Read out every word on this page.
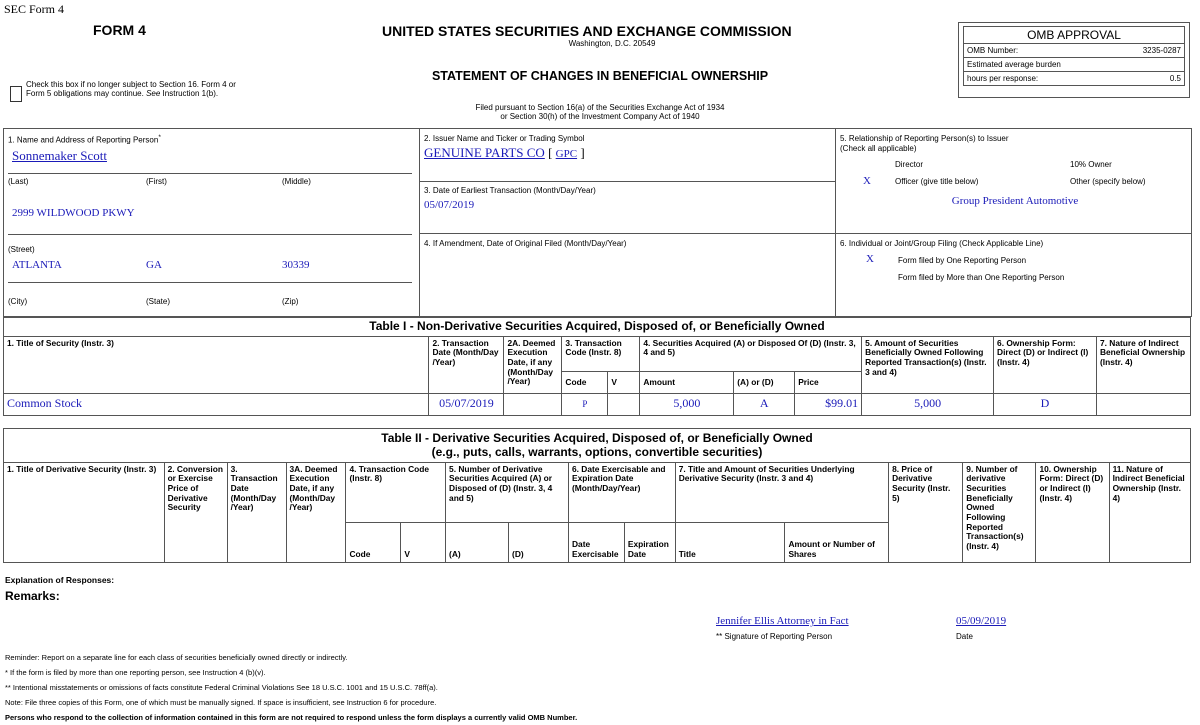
SEC Form 4
FORM 4
Check this box if no longer subject to Section 16. Form 4 or Form 5 obligations may continue. See Instruction 1(b).
UNITED STATES SECURITIES AND EXCHANGE COMMISSION
Washington, D.C. 20549
STATEMENT OF CHANGES IN BENEFICIAL OWNERSHIP
Filed pursuant to Section 16(a) of the Securities Exchange Act of 1934
or Section 30(h) of the Investment Company Act of 1940
OMB APPROVAL
OMB Number:	3235-0287
Estimated average burden
hours per response:	0.5
1. Name and Address of Reporting Person*
Sonnemaker Scott
(Last)	(First)	(Middle)
2999 WILDWOOD PKWY
(Street)
ATLANTA	GA	30339
(City)	(State)	(Zip)
2. Issuer Name and Ticker or Trading Symbol
GENUINE PARTS CO [ GPC ]
3. Date of Earliest Transaction (Month/Day/Year)
05/07/2019
4. If Amendment, Date of Original Filed (Month/Day/Year)
5. Relationship of Reporting Person(s) to Issuer
(Check all applicable)
Director	10% Owner
X	Officer (give title below)	Other (specify below)
Group President Automotive
6. Individual or Joint/Group Filing (Check Applicable Line)
X	Form filed by One Reporting Person
Form filed by More than One Reporting Person
Table I - Non-Derivative Securities Acquired, Disposed of, or Beneficially Owned										
1. Title of Security (Instr. 3)	2. Transaction Date (Month/Day /Year)	2A. Deemed Execution Date, if any (Month/Day /Year)	3. Transaction Code (Instr. 8)		4. Securities Acquired (A) or Disposed Of (D) (Instr. 3, 4 and 5)			5. Amount of Securities Beneficially Owned Following Reported Transaction(s) (Instr. 3 and 4)	6. Ownership Form: Direct (D) or Indirect (I) (Instr. 4)	7. Nature of Indirect Beneficial Ownership (Instr. 4)
			Code	V	Amount	(A) or (D)	Price			
Common Stock	05/07/2019		P		5,000	A	$99.01	5,000	D	
Table II - Derivative Securities Acquired, Disposed of, or Beneficially Owned
(e.g., puts, calls, warrants, options, convertible securities)															

1. Title of Derivative Security (Instr. 3)	2. Conversion or Exercise Price of Derivative Security	3. Transaction Date (Month/Day /Year)	3A. Deemed Execution Date, if any (Month/Day /Year)	4. Transaction Code (Instr. 8)		5. Number of Derivative Securities Acquired (A) or Disposed of (D) (Instr. 3, 4 and 5)		6. Date Exercisable and Expiration Date (Month/Day/Year)		7. Title and Amount of Securities Underlying Derivative Security (Instr. 3 and 4)		8. Price of Derivative Security (Instr. 5)	9. Number of derivative Securities Beneficially Owned Following Reported Transaction(s) (Instr. 4)	10. Ownership Form: Direct (D) or Indirect (I) (Instr. 4)	11. Nature of Indirect Beneficial Ownership (Instr. 4)
				Code	V	(A)	(D)	Date Exercisable	Expiration Date	Title	Amount or Number of Shares				
Explanation of Responses:
Remarks:
Jennifer Ellis Attorney in Fact
** Signature of Reporting Person
05/09/2019
Date
Reminder: Report on a separate line for each class of securities beneficially owned directly or indirectly.
* If the form is filed by more than one reporting person, see Instruction 4 (b)(v).
** Intentional misstatements or omissions of facts constitute Federal Criminal Violations See 18 U.S.C. 1001 and 15 U.S.C. 78ff(a).
Note: File three copies of this Form, one of which must be manually signed. If space is insufficient, see Instruction 6 for procedure.
Persons who respond to the collection of information contained in this form are not required to respond unless the form displays a currently valid OMB Number.
